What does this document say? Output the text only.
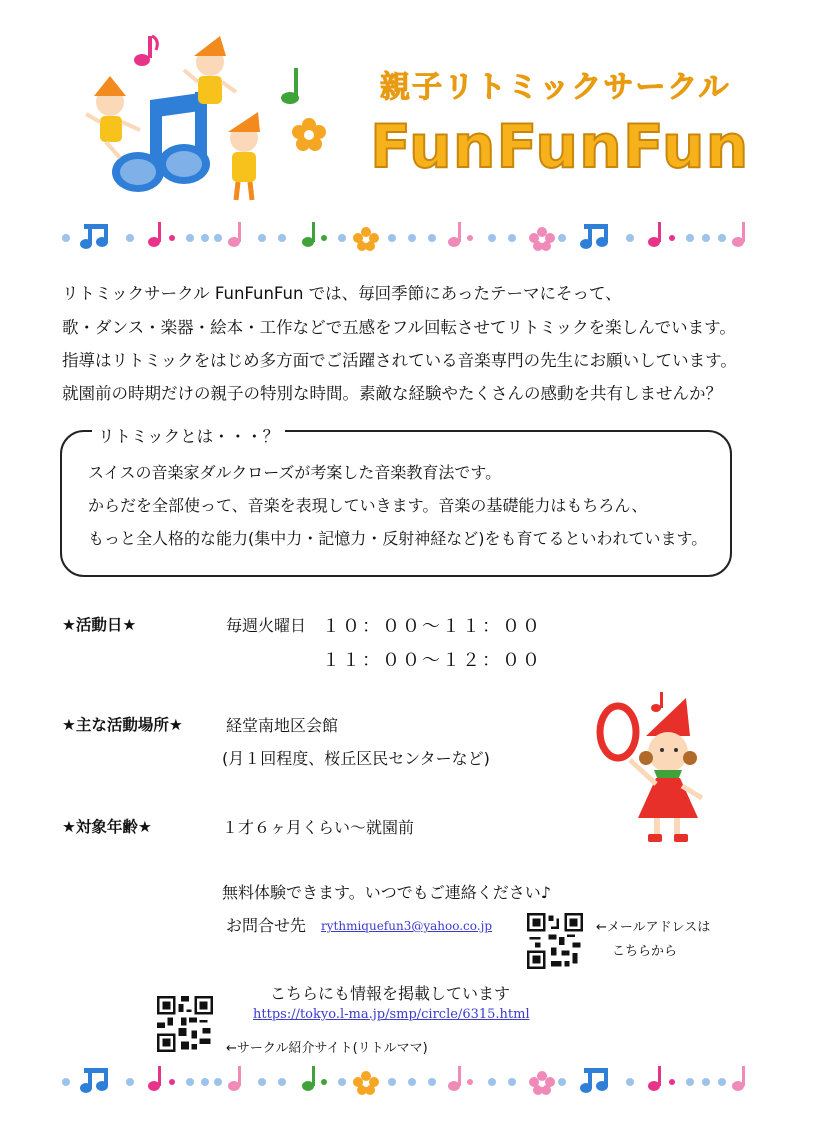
親子リトミックサークル
FunFunFun
リトミックサークル FunFunFun では、毎回季節にあったテーマにそって、
歌・ダンス・楽器・絵本・工作などで五感をフル回転させてリトミックを楽しんでいます。
指導はリトミックをはじめ多方面でご活躍されている音楽専門の先生にお願いしています。
就園前の時期だけの親子の特別な時間。素敵な経験やたくさんの感動を共有しませんか？
リトミックとは・・・？
スイスの音楽家ダルクローズが考案した音楽教育法です。
からだを全部使って、音楽を表現していきます。音楽の基礎能力はもちろん、
もっと全人格的な能力(集中力・記憶力・反射神経など)をも育てるといわれています。
★活動日★	毎週火曜日 １０：００〜１１：００
１１：００〜１２：００
★主な活動場所★	経堂南地区会館
(月１回程度、桜丘区民センターなど)
★対象年齢★	１才６ヶ月くらい〜就園前
無料体験できます。いつでもご連絡ください♪
お問合せ先 rythmiquefun3@yahoo.co.jp	←メールアドレスは
こちらから
こちらにも情報を掲載しています
https://tokyo.l-ma.jp/smp/circle/6315.html
←サークル紹介サイト(リトルママ)
